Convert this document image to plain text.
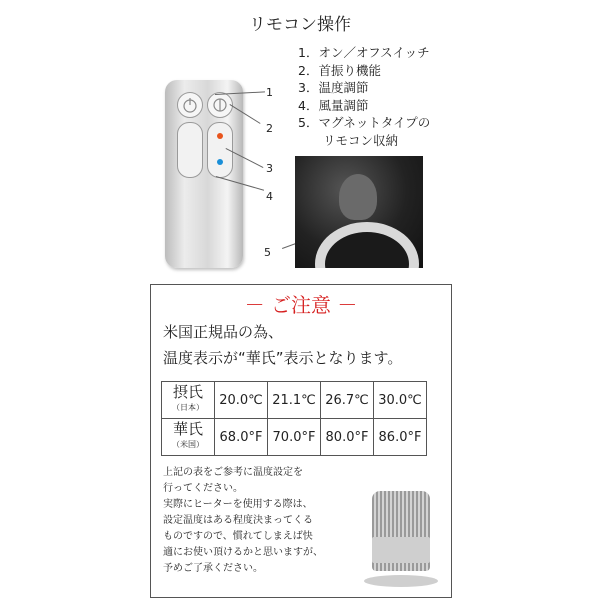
リモコン操作
1
2
3
4
5
1．オン／オフスイッチ
2．首振り機能
3．温度調節
4．風量調節
5．マグネットタイプの
　　リモコン収納
－ ご注意 －
米国正規品の為、
温度表示が“華氏”表示となります。
摂氏
（日本）	20.0℃	21.1℃	26.7℃	30.0℃
華氏
（米国）	68.0°F	70.0°F	80.0°F	86.0°F
上記の表をご参考に温度設定を
行ってください。
実際にヒーターを使用する際は、
設定温度はある程度決まってくる
ものですので、慣れてしまえば快
適にお使い頂けるかと思いますが、
予めご了承ください。
